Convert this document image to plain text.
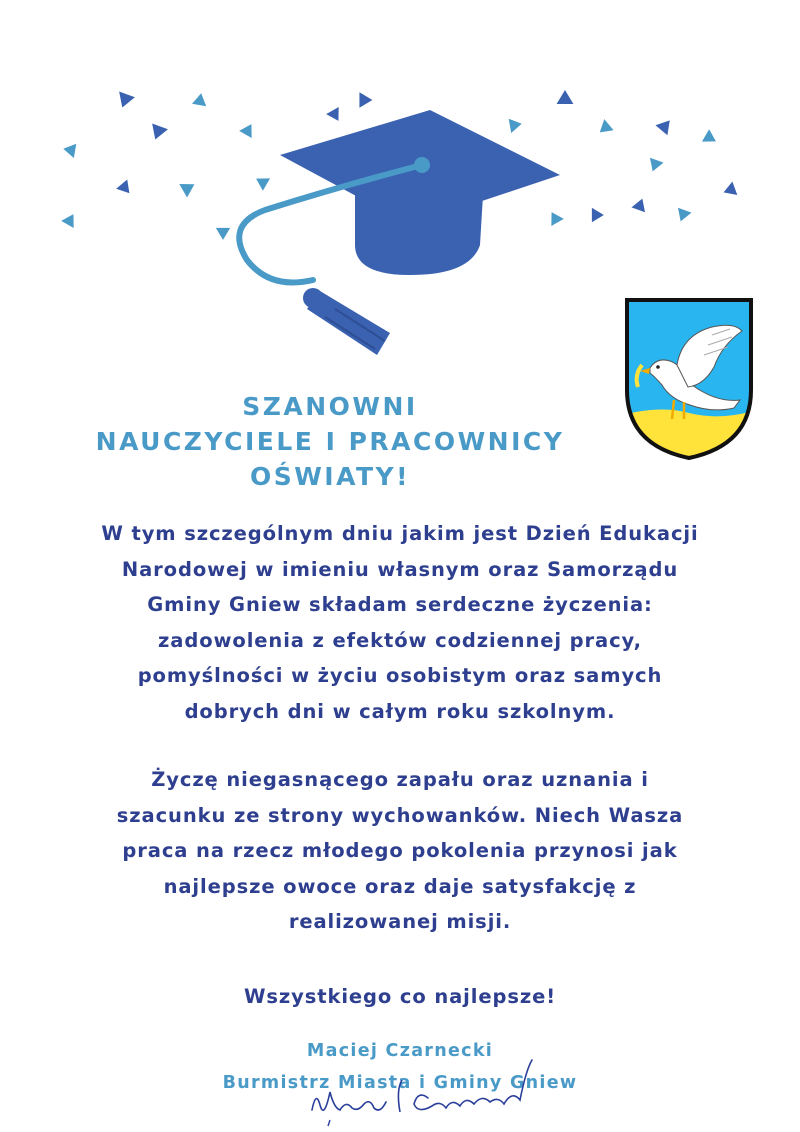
SZANOWNI
NAUCZYCIELE I PRACOWNICY
OŚWIATY!
W tym szczególnym dniu jakim jest Dzień Edukacji
Narodowej w imieniu własnym oraz Samorządu
Gminy Gniew składam serdeczne życzenia:
zadowolenia z efektów codziennej pracy,
pomyślności w życiu osobistym oraz samych
dobrych dni w całym roku szkolnym.
Życzę niegasnącego zapału oraz uznania i
szacunku ze strony wychowanków. Niech Wasza
praca na rzecz młodego pokolenia przynosi jak
najlepsze owoce oraz daje satysfakcję z
realizowanej misji.
Wszystkiego co najlepsze!
Maciej Czarnecki
Burmistrz Miasta i Gminy Gniew
